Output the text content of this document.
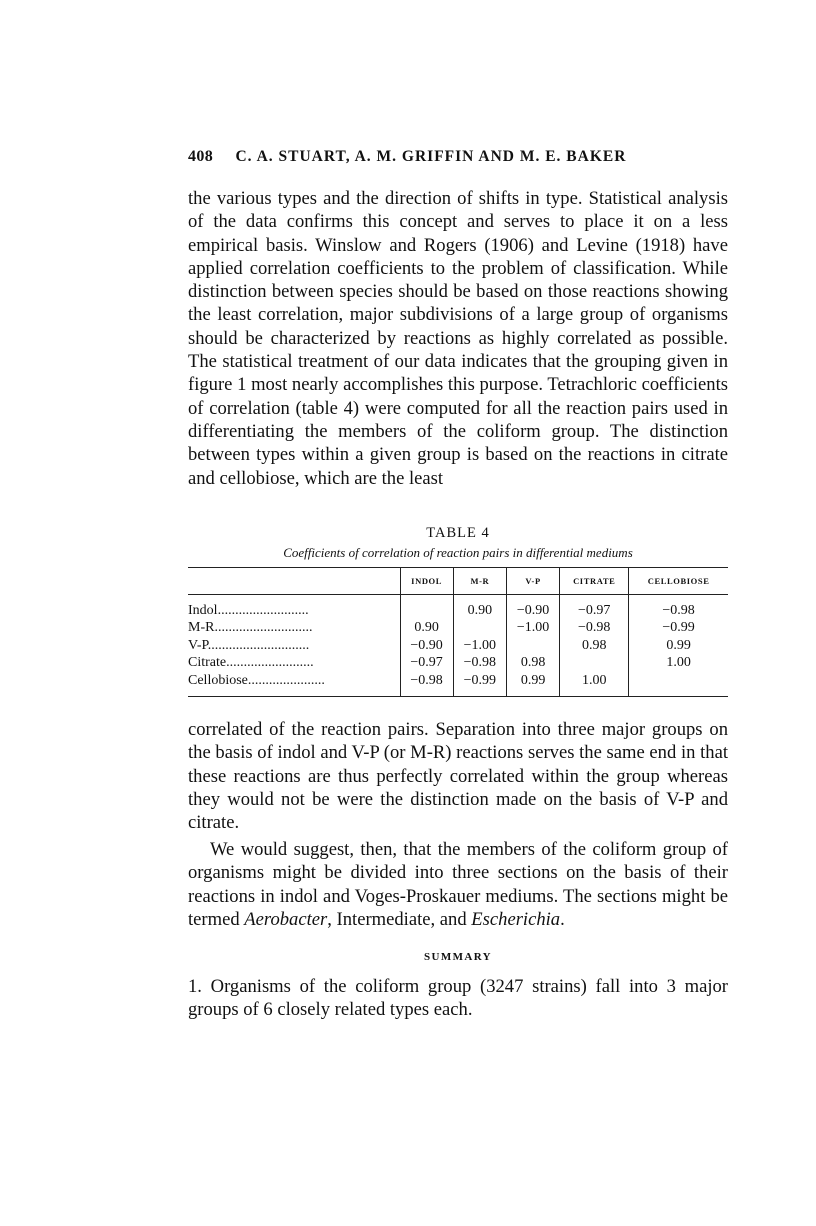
408 C. A. STUART, A. M. GRIFFIN AND M. E. BAKER

the various types and the direction of shifts in type. Statistical analysis of the data confirms this concept and serves to place it on a less empirical basis. Winslow and Rogers (1906) and Levine (1918) have applied correlation coefficients to the problem of classification. While distinction between species should be based on those reactions showing the least correlation, major subdivisions of a large group of organisms should be characterized by reactions as highly correlated as possible. The statistical treatment of our data indicates that the grouping given in figure 1 most nearly accomplishes this purpose. Tetrachloric coefficients of correlation (table 4) were computed for all the reaction pairs used in differentiating the members of the coliform group. The distinction between types within a given group is based on the reactions in citrate and cellobiose, which are the least

TABLE 4
Coefficients of correlation of reaction pairs in differential mediums
	INDOL	M-R	V-P	CITRATE	CELLOBIOSE
Indol..........................		0.90	−0.90	−0.97	−0.98
M-R............................	0.90		−1.00	−0.98	−0.99
V-P.............................	−0.90	−1.00		0.98	0.99
Citrate.........................	−0.97	−0.98	0.98		1.00
Cellobiose......................	−0.98	−0.99	0.99	1.00	

correlated of the reaction pairs. Separation into three major groups on the basis of indol and V-P (or M-R) reactions serves the same end in that these reactions are thus perfectly correlated within the group whereas they would not be were the distinction made on the basis of V-P and citrate.

We would suggest, then, that the members of the coliform group of organisms might be divided into three sections on the basis of their reactions in indol and Voges-Proskauer mediums. The sections might be termed Aerobacter, Intermediate, and Escherichia.

SUMMARY

1. Organisms of the coliform group (3247 strains) fall into 3 major groups of 6 closely related types each.
